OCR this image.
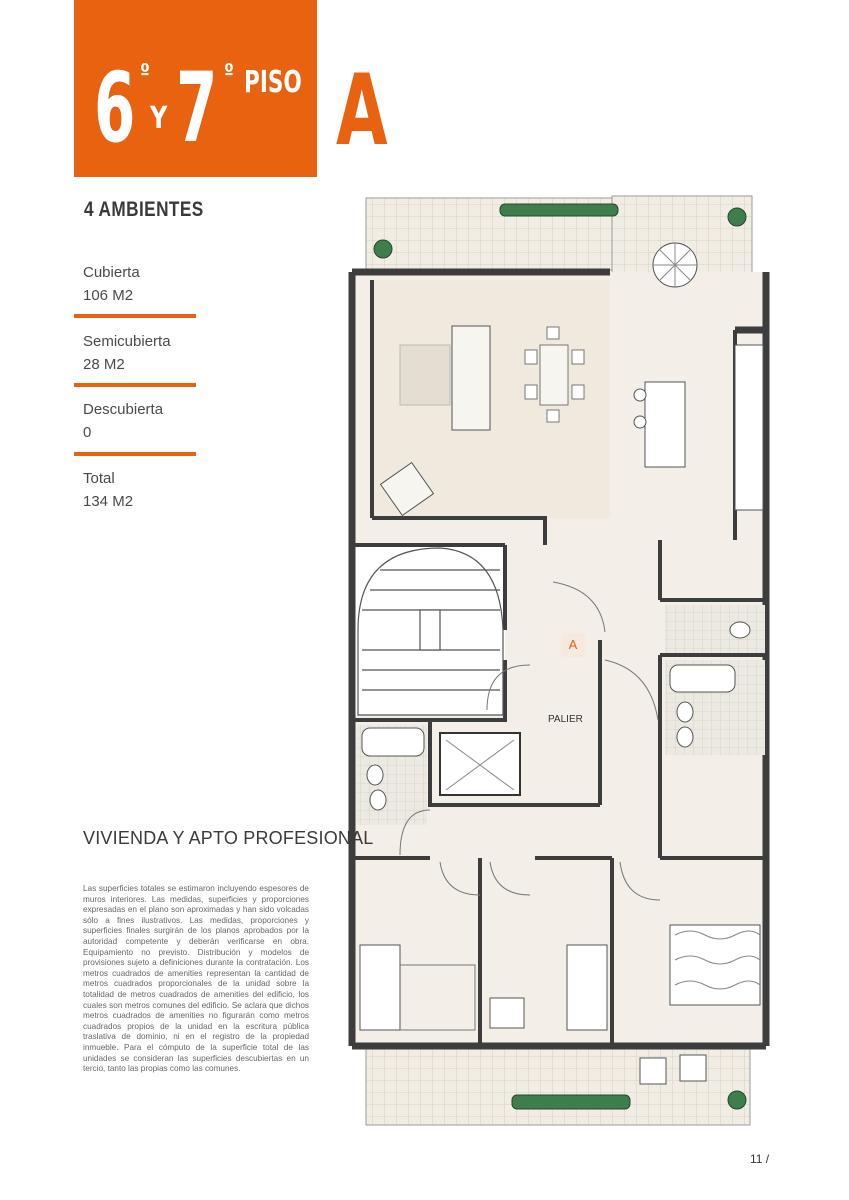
6 º
Y 7 º PISO A
4 AMBIENTES
Cubierta
106 M2
Semicubierta
28 M2
Descubierta
0
Total
134 M2
PALIER
A
VIVIENDA Y APTO PROFESIONAL
Las superficies totales se estimaron incluyendo espesores de muros interiores. Las medidas, superficies y proporciones expresadas en el plano son aproximadas y han sido volcadas sólo a fines ilustrativos. Las medidas, proporciones y superficies finales surgirán de los planos aprobados por la autoridad competente y deberán verificarse en obra. Equipamiento no previsto. Distribución y modelos de provisiones sujeto a definiciones durante la contratación. Los metros cuadrados de amenities representan la cantidad de metros cuadrados proporcionales de la unidad sobre la totalidad de metros cuadrados de amenities del edificio, los cuales son metros comunes del edificio. Se aclara que dichos metros cuadrados de amenities no figurarán como metros cuadrados propios de la unidad en la escritura pública traslativa de dominio, ni en el registro de la propiedad inmueble. Para el cómputo de la superficie total de las unidades se consideran las superficies descubiertas en un tercio, tanto las propias como las comunes.
11 /
